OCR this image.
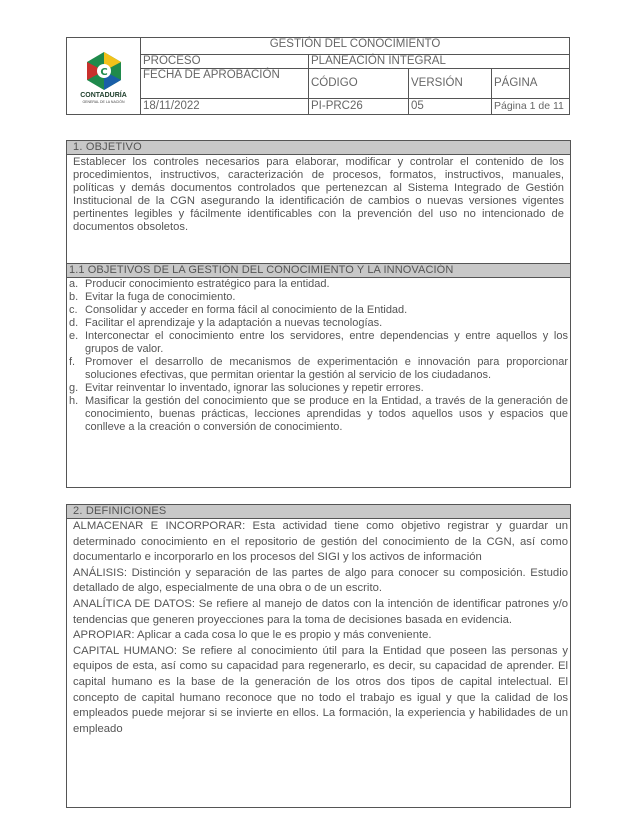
C
CONTADURÍA
GENERAL DE LA NACIÓN	GESTIÓN DEL CONOCIMIENTO			
	PROCESO	PLANEACIÓN INTEGRAL		
	FECHA DE APROBACIÓN	CÓDIGO	VERSIÓN	PÁGINA
	18/11/2022	PI-PRC26	05	Página 1 de 11
1. OBJETIVO
Establecer los controles necesarios para elaborar, modificar y controlar el contenido de los procedimientos, instructivos, caracterización de procesos, formatos, instructivos, manuales, políticas y demás documentos controlados que pertenezcan al Sistema Integrado de Gestión Institucional de la CGN asegurando la identificación de cambios o nuevas versiones vigentes pertinentes legibles y fácilmente identificables con la prevención del uso no intencionado de documentos obsoletos.
1.1 OBJETIVOS DE LA GESTIÓN DEL CONOCIMIENTO Y LA INNOVACIÓN
a. Producir conocimiento estratégico para la entidad.
b. Evitar la fuga de conocimiento.
c. Consolidar y acceder en forma fácil al conocimiento de la Entidad.
d. Facilitar el aprendizaje y la adaptación a nuevas tecnologías.
e. Interconectar el conocimiento entre los servidores, entre dependencias y entre aquellos y los grupos de valor.
f. Promover el desarrollo de mecanismos de experimentación e innovación para proporcionar soluciones efectivas, que permitan orientar la gestión al servicio de los ciudadanos.
g. Evitar reinventar lo inventado, ignorar las soluciones y repetir errores.
h. Masificar la gestión del conocimiento que se produce en la Entidad, a través de la generación de conocimiento, buenas prácticas, lecciones aprendidas y todos aquellos usos y espacios que conlleve a la creación o conversión de conocimiento.
2. DEFINICIONES

ALMACENAR E INCORPORAR: Esta actividad tiene como objetivo registrar y guardar un determinado conocimiento en el repositorio de gestión del conocimiento de la CGN, así como documentarlo e incorporarlo en los procesos del SIGI y los activos de información

ANÁLISIS: Distinción y separación de las partes de algo para conocer su composición. Estudio detallado de algo, especialmente de una obra o de un escrito.

ANALÍTICA DE DATOS: Se refiere al manejo de datos con la intención de identificar patrones y/o tendencias que generen proyecciones para la toma de decisiones basada en evidencia.

APROPIAR: Aplicar a cada cosa lo que le es propio y más conveniente.

CAPITAL HUMANO: Se refiere al conocimiento útil para la Entidad que poseen las personas y equipos de esta, así como su capacidad para regenerarlo, es decir, su capacidad de aprender. El capital humano es la base de la generación de los otros dos tipos de capital intelectual. El concepto de capital humano reconoce que no todo el trabajo es igual y que la calidad de los empleados puede mejorar si se invierte en ellos. La formación, la experiencia y habilidades de un empleado
